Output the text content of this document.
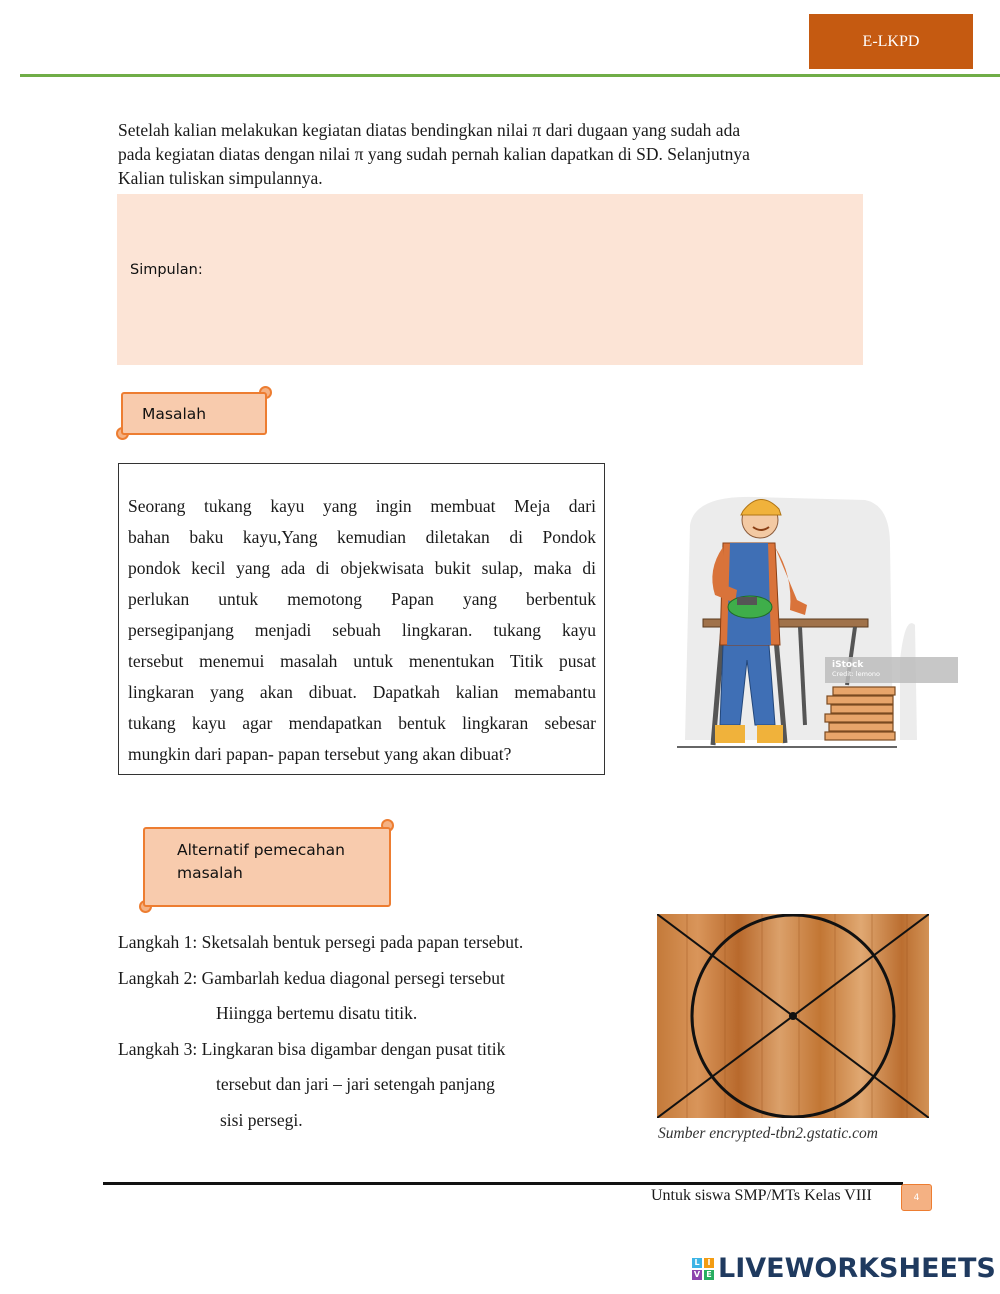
E-LKPD
Setelah kalian melakukan kegiatan diatas bendingkan nilai π dari dugaan yang sudah ada
pada kegiatan diatas dengan nilai π yang sudah pernah kalian dapatkan di SD. Selanjutnya
Kalian tuliskan simpulannya.
Simpulan:
Masalah
Seorang tukang kayu yang ingin membuat Meja dari
bahan baku kayu,Yang kemudian diletakan di Pondok
pondok kecil yang ada di objekwisata bukit sulap, maka di
perlukan untuk memotong Papan yang berbentuk
persegipanjang menjadi sebuah lingkaran. tukang kayu
tersebut menemui masalah untuk menentukan Titik pusat
lingkaran yang akan dibuat. Dapatkah kalian memabantu
tukang kayu agar mendapatkan bentuk lingkaran sebesar
mungkin dari papan- papan tersebut yang akan dibuat?
iStock
Credit: lemono
Alternatif pemecahan
masalah
Langkah 1: Sketsalah bentuk persegi pada papan tersebut.
Langkah 2: Gambarlah kedua diagonal persegi tersebut
Hiingga bertemu disatu titik.
Langkah 3: Lingkaran bisa digambar dengan pusat titik
tersebut dan jari – jari setengah panjang
sisi persegi.
Sumber encrypted-tbn2.gstatic.com
Untuk siswa SMP/MTs Kelas VIII	4
L I
V E LIVEWORKSHEETS
